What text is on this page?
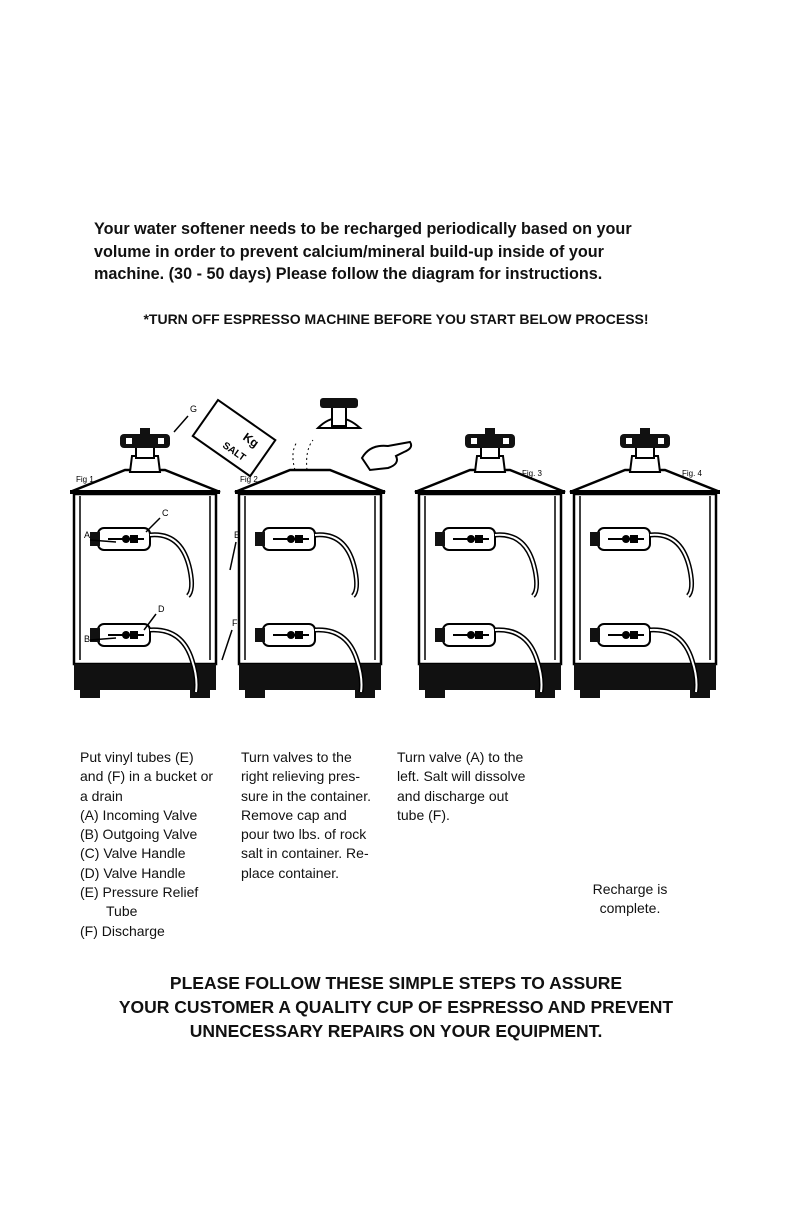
Your water softener needs to be recharged periodically based on your
volume in order to prevent calcium/mineral build-up inside of your
machine. (30 - 50 days) Please follow the diagram for instructions.
*TURN OFF ESPRESSO MACHINE BEFORE YOU START BELOW PROCESS!
Kg
SALT
Fig 1	Fig 2
Fig. 3	Fig. 4
G
C
A	E
D
B
F
Put vinyl tubes (E)
and (F) in a bucket or
a drain
(A) Incoming Valve
(B) Outgoing Valve
(C) Valve Handle
(D) Valve Handle
(E) Pressure Relief
Tube
(F) Discharge
Turn valves to the
right relieving pres-
sure in the container.
Remove cap and
pour two lbs. of rock
salt in container. Re-
place container.
Turn valve (A) to the
left. Salt will dissolve
and discharge out
tube (F).
Recharge is
complete.
PLEASE FOLLOW THESE SIMPLE STEPS TO ASSURE
YOUR CUSTOMER A QUALITY CUP OF ESPRESSO AND PREVENT
UNNECESSARY REPAIRS ON YOUR EQUIPMENT.
